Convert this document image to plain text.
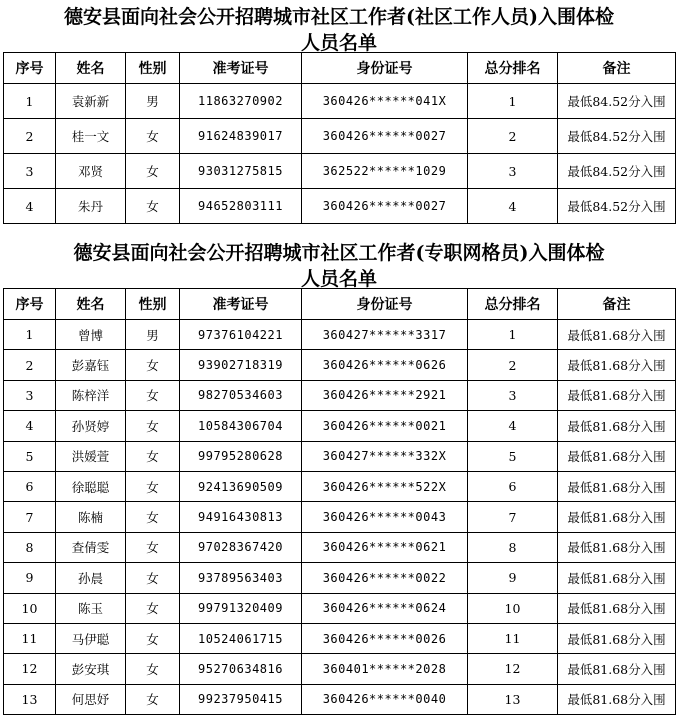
德安县面向社会公开招聘城市社区工作者(社区工作人员)入围体检
人员名单
序号	姓名	性别	准考证号	身份证号	总分排名	备注
1	袁新新	男	11863270902	360426******041X	1	最低84.52分入围
2	桂一文	女	91624839017	360426******0027	2	最低84.52分入围
3	邓贤	女	93031275815	362522******1029	3	最低84.52分入围
4	朱丹	女	94652803111	360426******0027	4	最低84.52分入围
德安县面向社会公开招聘城市社区工作者(专职网格员)入围体检
人员名单
序号	姓名	性别	准考证号	身份证号	总分排名	备注
1	曾博	男	97376104221	360427******3317	1	最低81.68分入围
2	彭嘉钰	女	93902718319	360426******0626	2	最低81.68分入围
3	陈梓洋	女	98270534603	360426******2921	3	最低81.68分入围
4	孙贤婷	女	10584306704	360426******0021	4	最低81.68分入围
5	洪媛萱	女	99795280628	360427******332X	5	最低81.68分入围
6	徐聪聪	女	92413690509	360426******522X	6	最低81.68分入围
7	陈楠	女	94916430813	360426******0043	7	最低81.68分入围
8	查倩雯	女	97028367420	360426******0621	8	最低81.68分入围
9	孙晨	女	93789563403	360426******0022	9	最低81.68分入围
10	陈玉	女	99791320409	360426******0624	10	最低81.68分入围
11	马伊聪	女	10524061715	360426******0026	11	最低81.68分入围
12	彭安琪	女	95270634816	360401******2028	12	最低81.68分入围
13	何思妤	女	99237950415	360426******0040	13	最低81.68分入围
